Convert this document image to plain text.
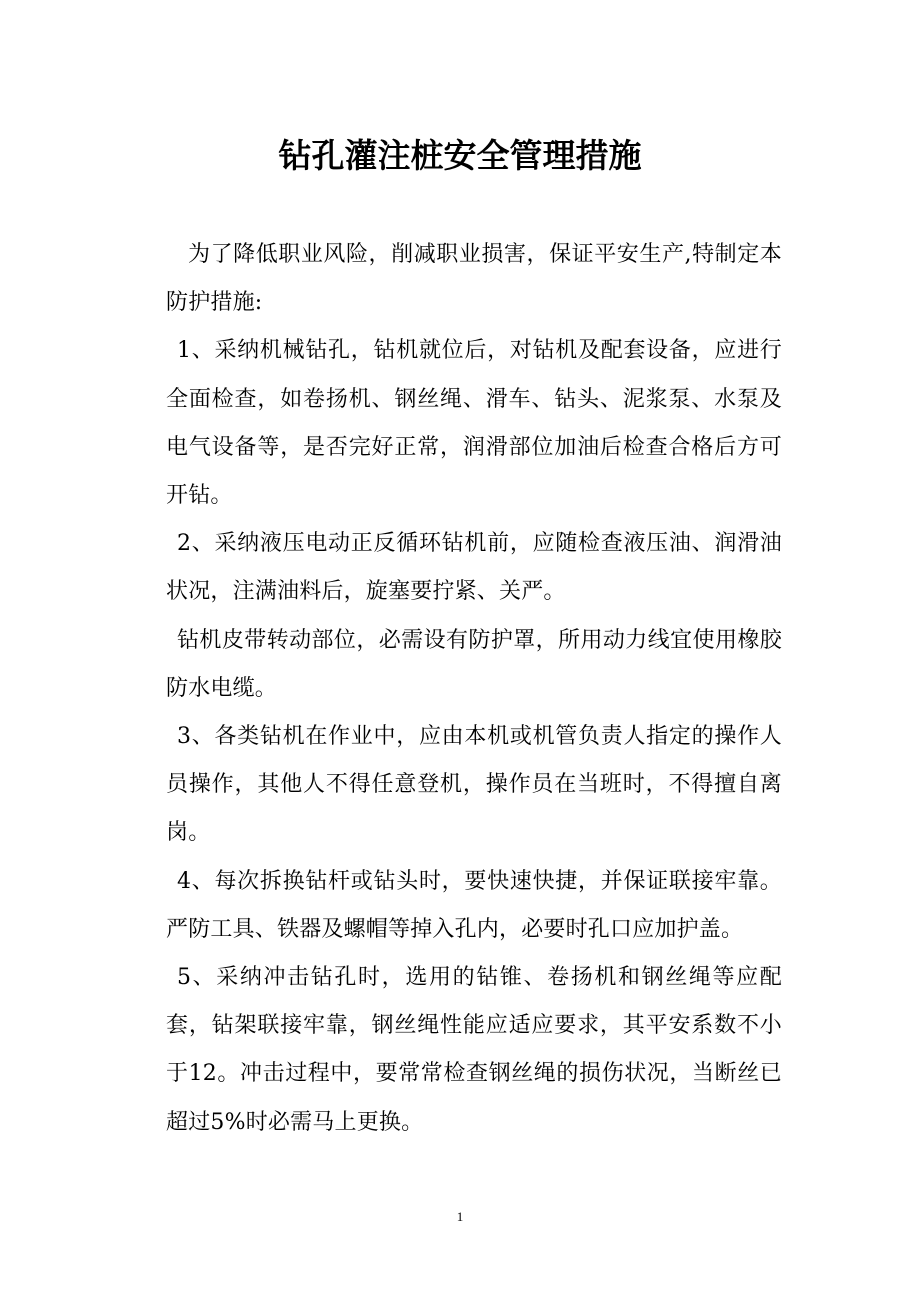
钻孔灌注桩安全管理措施

为了降低职业风险，削减职业损害，保证平安生产,特制定本防护措施:

1、采纳机械钻孔，钻机就位后，对钻机及配套设备，应进行全面检查，如卷扬机、钢丝绳、滑车、钻头、泥浆泵、水泵及电气设备等，是否完好正常，润滑部位加油后检查合格后方可开钻。

2、采纳液压电动正反循环钻机前，应随检查液压油、润滑油状况，注满油料后，旋塞要拧紧、关严。

钻机皮带转动部位，必需设有防护罩，所用动力线宜使用橡胶防水电缆。

3、各类钻机在作业中，应由本机或机管负责人指定的操作人员操作，其他人不得任意登机，操作员在当班时，不得擅自离岗。

4、每次拆换钻杆或钻头时，要快速快捷，并保证联接牢靠。严防工具、铁器及螺帽等掉入孔内，必要时孔口应加护盖。

5、采纳冲击钻孔时，选用的钻锥、卷扬机和钢丝绳等应配套，钻架联接牢靠，钢丝绳性能应适应要求，其平安系数不小于12。冲击过程中，要常常检查钢丝绳的损伤状况，当断丝已超过5%时必需马上更换。

1
